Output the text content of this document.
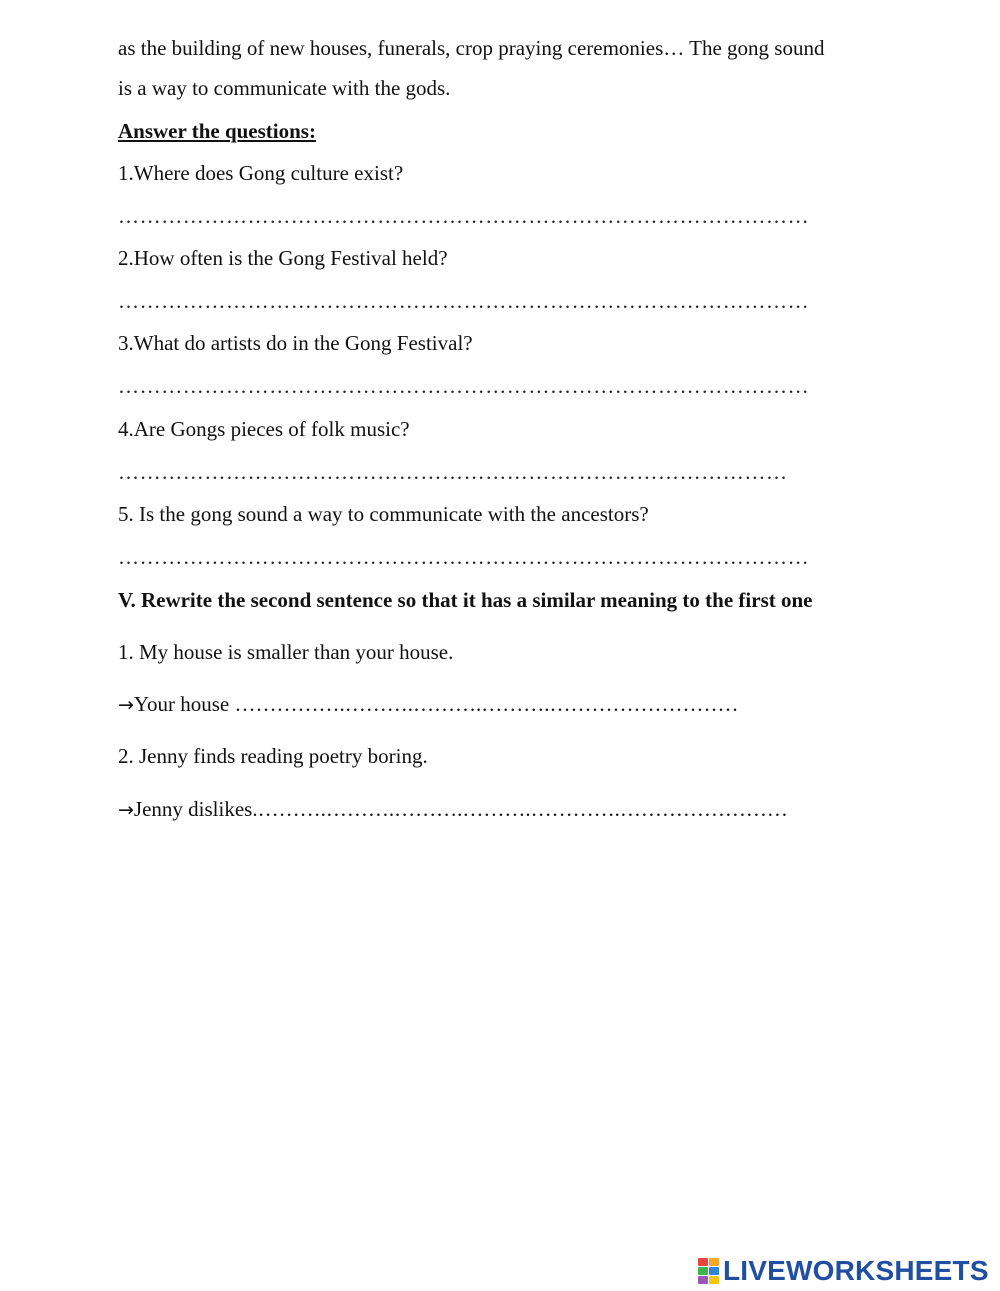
as the building of new houses, funerals, crop praying ceremonies… The gong sound
is a way to communicate with the gods.
Answer the questions:
1.Where does Gong culture exist?
……………………………………………………………………………………
2.How often is the Gong Festival held?
……………………………………………………………………………………
3.What do artists do in the Gong Festival?
……………………………………………………………………………………
4.Are Gongs pieces of folk music?
…………………………………………………………………………………
5. Is the gong sound a way to communicate with the ancestors?
……………………………………………………………………………………
V. Rewrite the second sentence so that it has a similar meaning to the first one
1. My house is smaller than your house.
→Your house …………….……….……….……….………………………
2. Jenny finds reading poetry boring.
→Jenny dislikes.……….……….……….……….………….……………………
LIVEWORKSHEETS
